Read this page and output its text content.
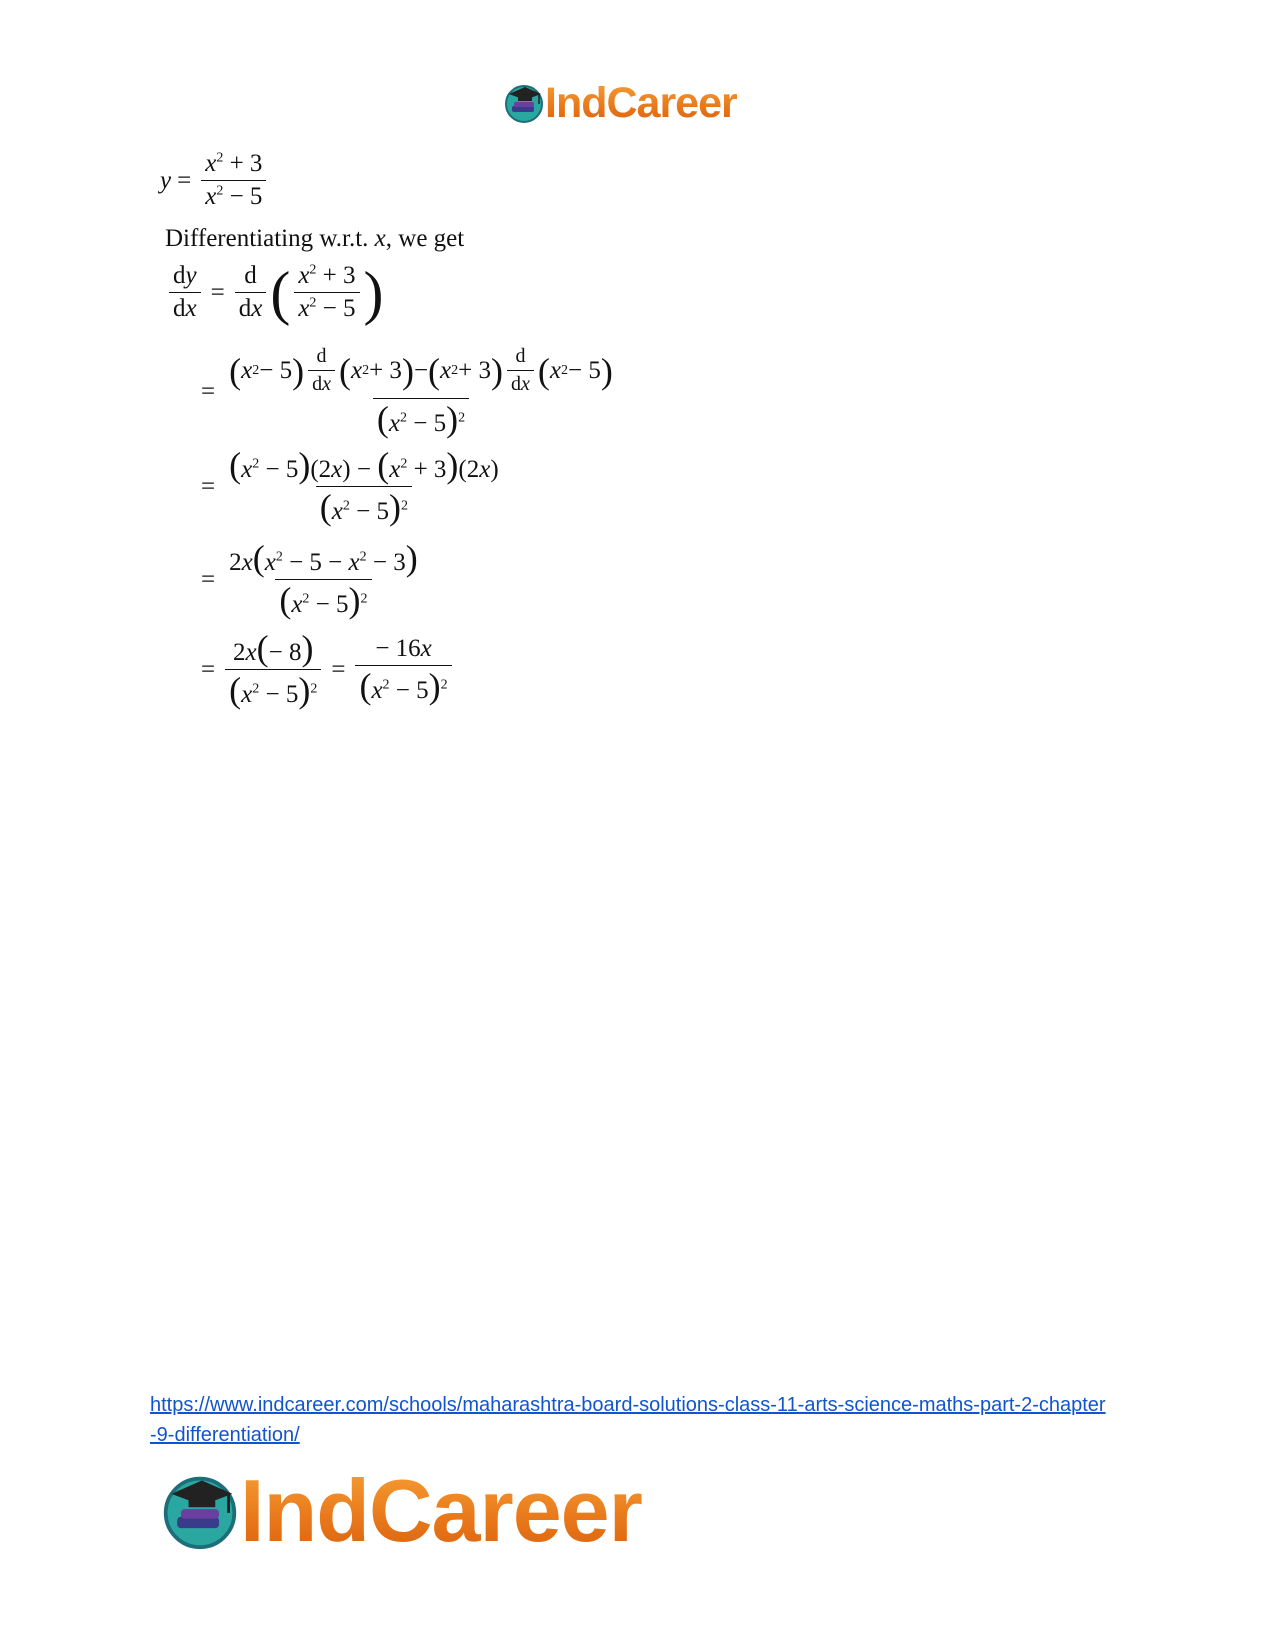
IndCareer
$y = \frac{x^2 + 3}{x^2 - 5}$
Differentiating w.r.t. x, we get
$\frac{dy}{dx} = \frac{d}{dx}$ ( $\frac{x^2 + 3}{x^2 - 5}$ )
=
( x 2 − 5 ) $\frac{d}{dx}$ ( x 2 + 3 ) − ( x 2 + 3 ) $\frac{d}{dx}$ ( x 2 − 5 )
$(x^2 - 5)^2$
= $\frac{(x^2 - 5)(2x) - (x^2 + 3)(2x)}{(x^2 - 5)^2}$
= $\frac{2x(x^2 - 5 - x^2 - 3)}{(x^2 - 5)^2}$
= $\frac{2x(- 8)}{(x^2 - 5)^2} = \frac{- 16x}{(x^2 - 5)^2}$
https://www.indcareer.com/schools/maharashtra-board-solutions-class-11-arts-science-maths-part-2-chapter-9-differentiation/
IndCareer
